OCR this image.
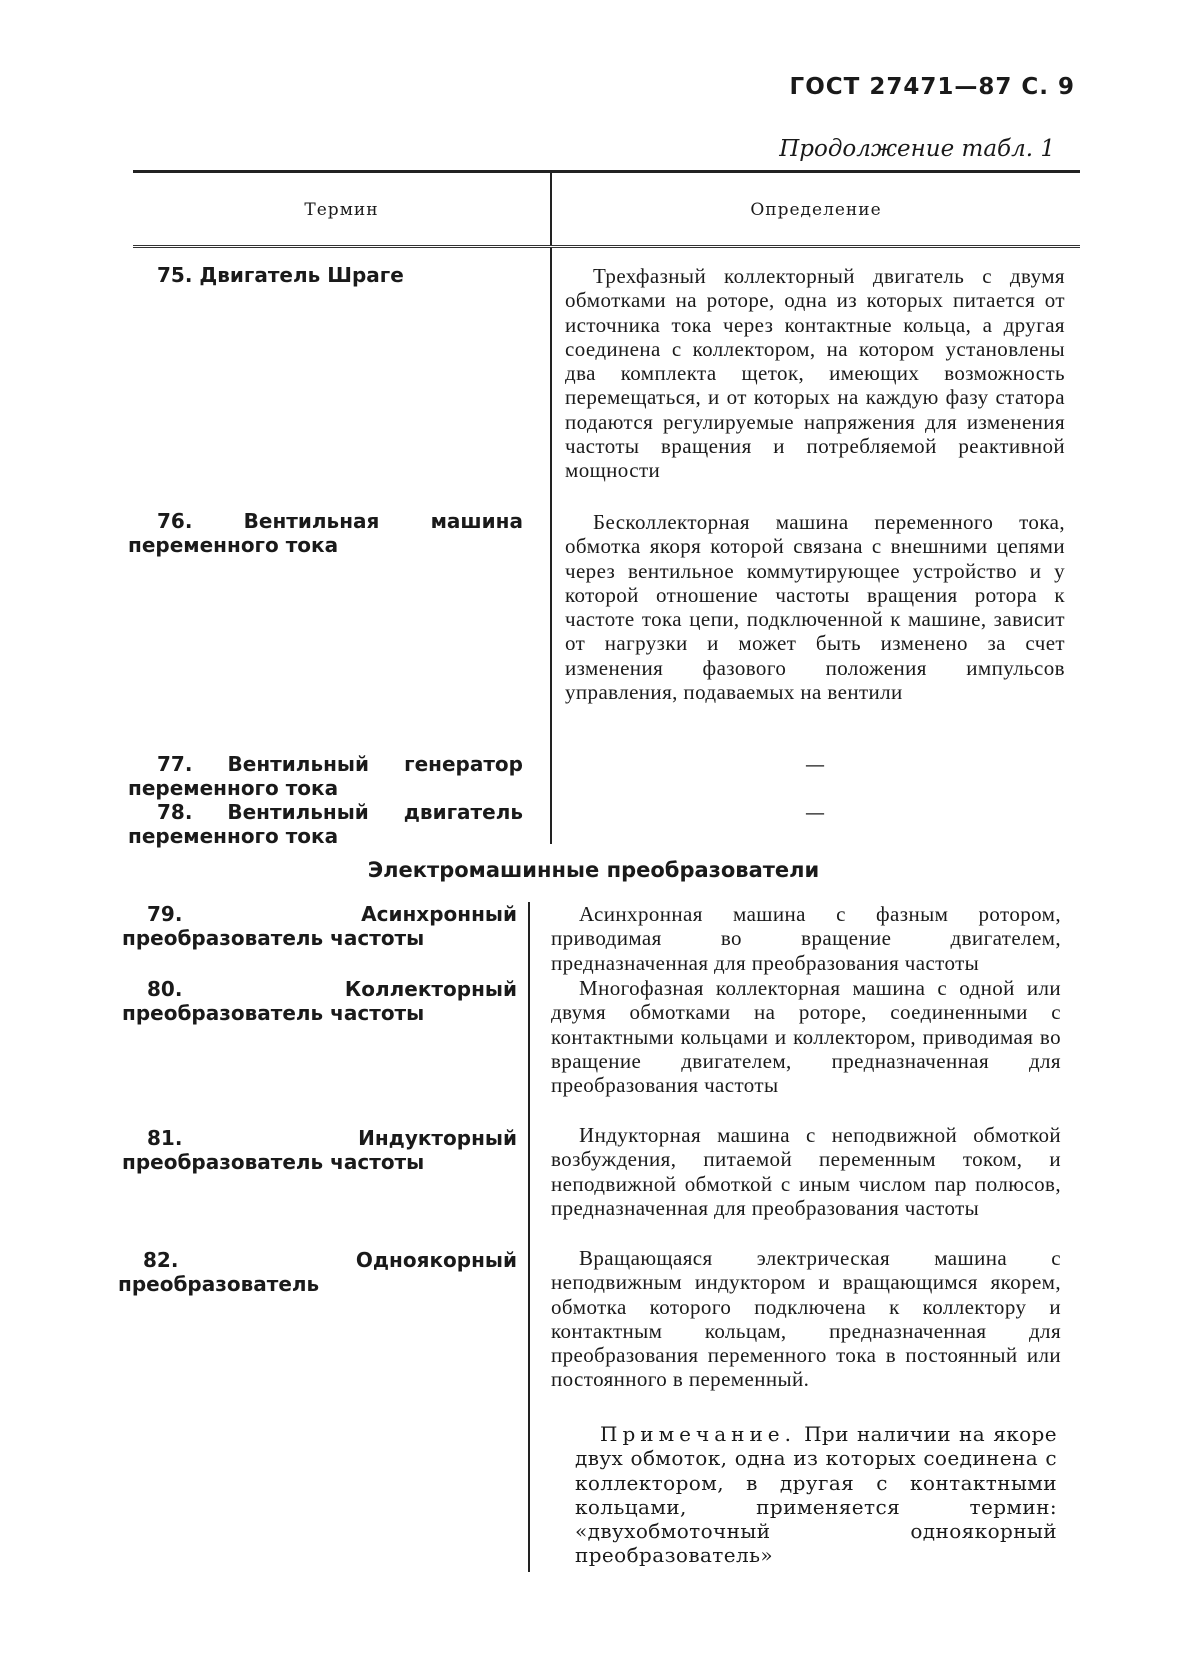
ГОСТ 27471—87 С. 9
Продолжение табл. 1
Термин	Определение

75. Двигатель Шраге	Трехфазный коллекторный двигатель с двумя обмотками на роторе, одна из которых питается от источника тока через контактные кольца, а другая соединена с коллектором, на котором установлены два комплекта щеток, имеющих возможность перемещаться, и от которых на каждую фазу статора подаются регулируемые напряжения для изменения частоты вращения и потребляемой реактивной мощности

76. Вентильная машина переменного тока

Бесколлекторная машина переменного тока, обмотка якоря которой связана с внешними цепями через вентильное коммутирующее устройство и у которой отношение частоты вращения ротора к частоте тока цепи, подключенной к машине, зависит от нагрузки и может быть изменено за счет изменения фазового положения импульсов управления, подаваемых на вентили

77. Вентильный генератор переменного тока

—

78. Вентильный двигатель переменного тока

—
Электромашинные преобразователи

79. Асинхронный преобразователь частоты

Асинхронная машина с фазным ротором, приводимая во вращение двигателем, предназначенная для преобразования частоты

80. Коллекторный преобразователь частоты

Многофазная коллекторная машина с одной или двумя обмотками на роторе, соединенными с контактными кольцами и коллектором, приводимая во вращение двигателем, предназначенная для преобразования частоты

81. Индукторный преобразователь частоты

Индукторная машина с неподвижной обмоткой возбуждения, питаемой переменным током, и неподвижной обмоткой с иным числом пар полюсов, предназначенная для преобразования частоты

82. Одноякорный преобразователь

Вращающаяся электрическая машина с неподвижным индуктором и вращающимся якорем, обмотка которого подключена к коллектору и контактным кольцам, предназначенная для преобразования переменного тока в постоянный или постоянного в переменный.

Примечание. При наличии на якоре двух обмоток, одна из которых соединена с коллектором, в другая с контактными кольцами, применяется термин: «двухобмоточный одноякорный преобразователь»
